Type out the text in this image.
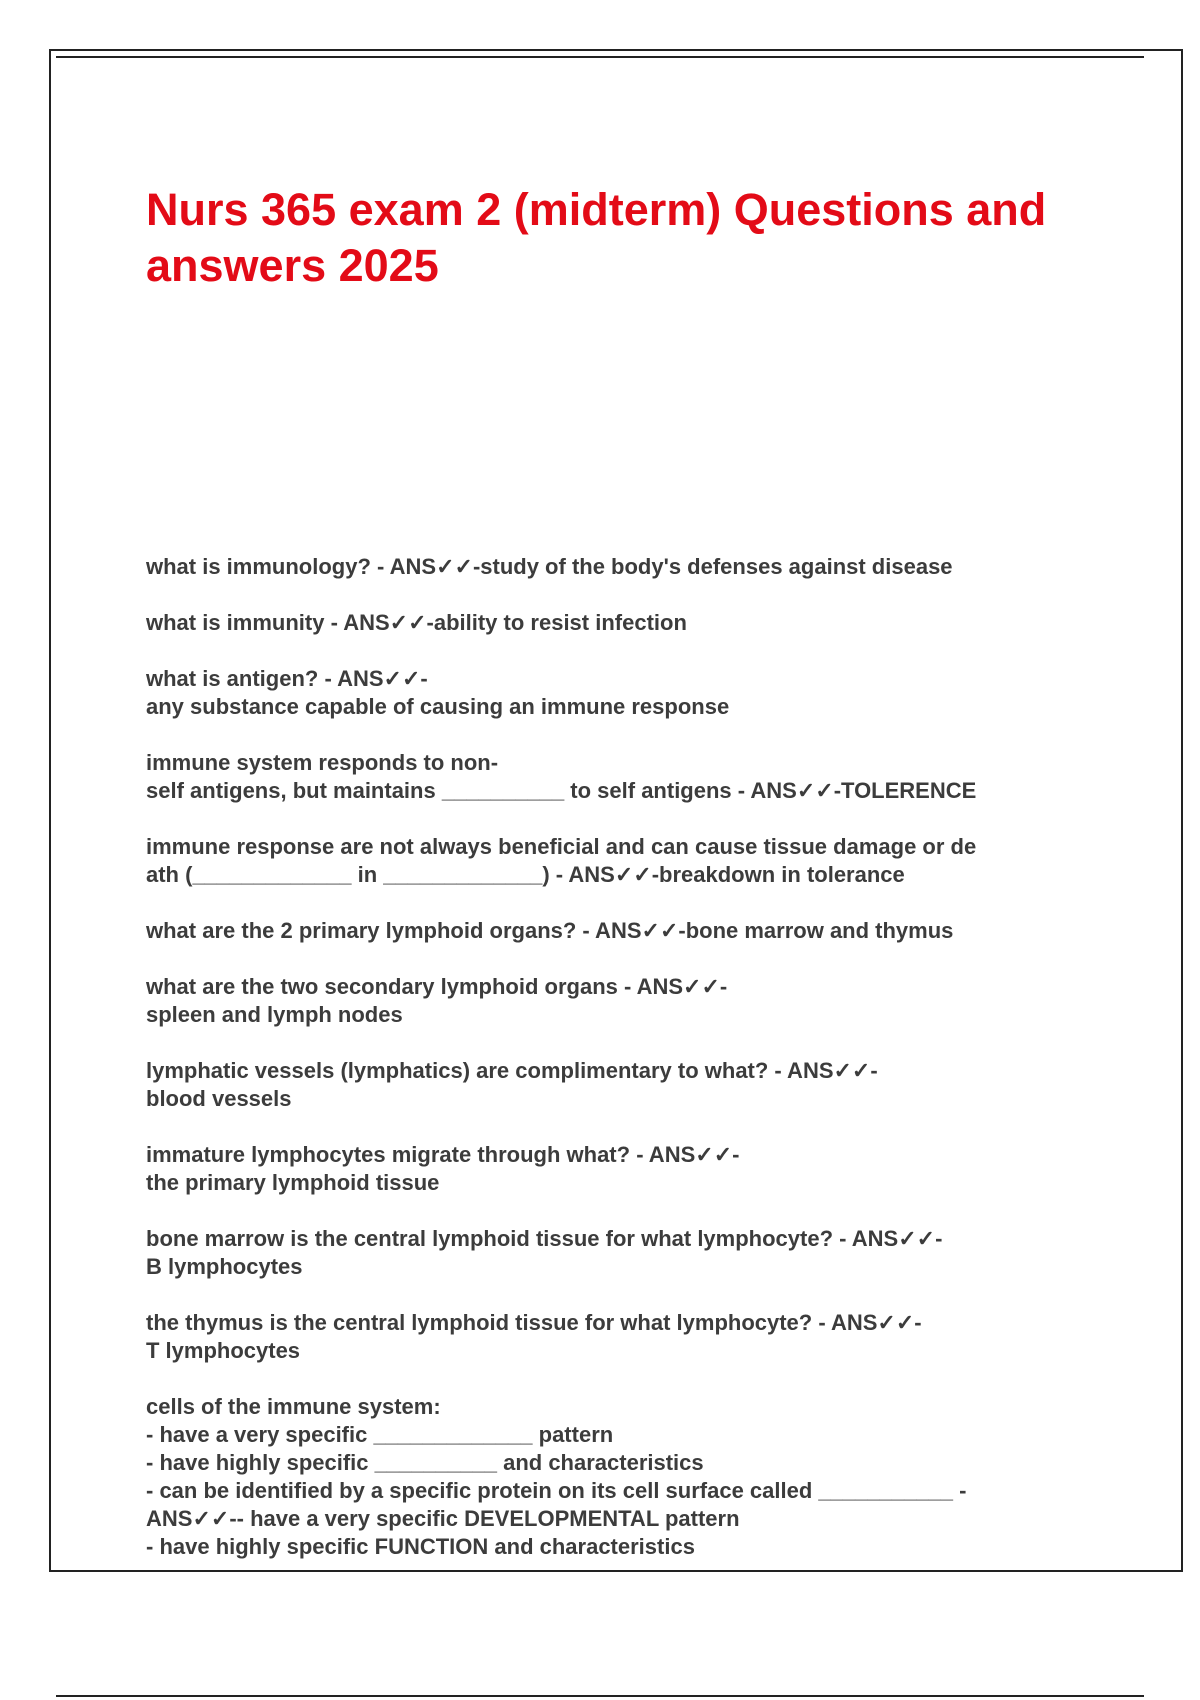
Nurs 365 exam 2 (midterm) Questions and
answers 2025
what is immunology? - ANS✓✓-study of the body's defenses against disease
what is immunity - ANS✓✓-ability to resist infection
what is antigen? - ANS✓✓-
any substance capable of causing an immune response
immune system responds to non-
self antigens, but maintains __________ to self antigens - ANS✓✓-TOLERENCE
immune response are not always beneficial and can cause tissue damage or de
ath (_____________ in _____________) - ANS✓✓-breakdown in tolerance
what are the 2 primary lymphoid organs? - ANS✓✓-bone marrow and thymus
what are the two secondary lymphoid organs - ANS✓✓-
spleen and lymph nodes
lymphatic vessels (lymphatics) are complimentary to what? - ANS✓✓-
blood vessels
immature lymphocytes migrate through what? - ANS✓✓-
the primary lymphoid tissue
bone marrow is the central lymphoid tissue for what lymphocyte? - ANS✓✓-
B lymphocytes
the thymus is the central lymphoid tissue for what lymphocyte? - ANS✓✓-
T lymphocytes
cells of the immune system:
- have a very specific _____________ pattern
- have highly specific __________ and characteristics
- can be identified by a specific protein on its cell surface called ___________ -
ANS✓✓-- have a very specific DEVELOPMENTAL pattern
- have highly specific FUNCTION and characteristics
